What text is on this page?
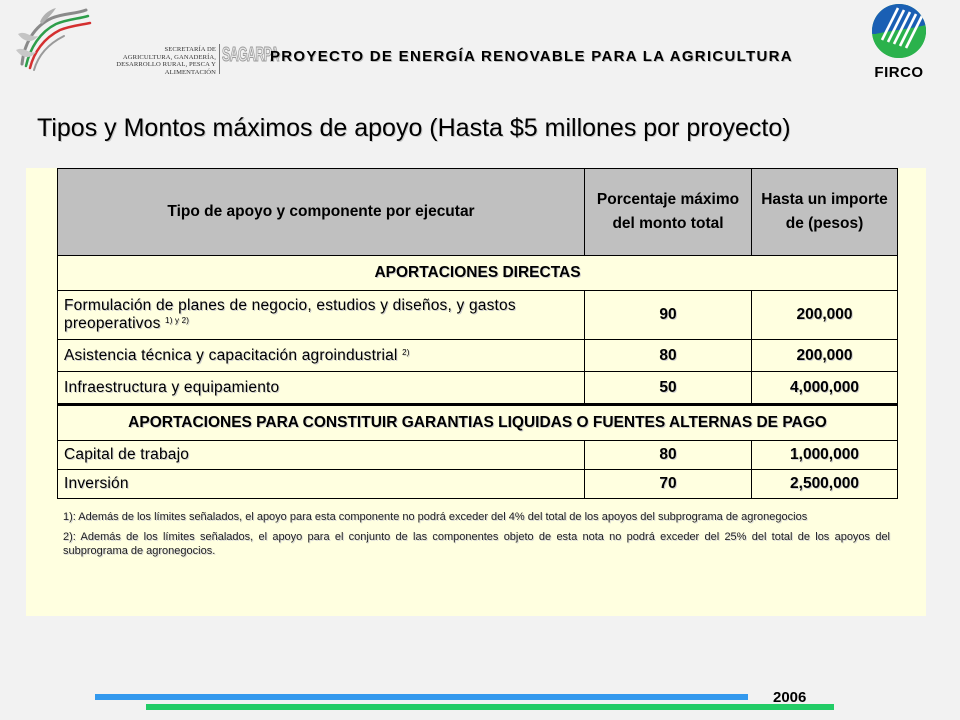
SECRETARÍA DE
AGRICULTURA, GANADERÍA,
DESARROLLO RURAL, PESCA Y ALIMENTACIÓN
SAGARPA
PROYECTO DE ENERGÍA RENOVABLE PARA LA AGRICULTURA
FIRCO
Tipos y Montos máximos de apoyo (Hasta $5 millones por proyecto)
Tipo de apoyo y componente por ejecutar	Porcentaje máximo del monto total	Hasta un importe de (pesos)
APORTACIONES DIRECTAS		
Formulación de planes de negocio, estudios y diseños, y gastos preoperativos $^{1) y 2)}$	90	200,000
Asistencia técnica y capacitación agroindustrial $^{2)}$	80	200,000
Infraestructura y equipamiento	50	4,000,000
APORTACIONES PARA CONSTITUIR GARANTIAS LIQUIDAS O FUENTES ALTERNAS DE PAGO		
Capital de trabajo	80	1,000,000
Inversión	70	2,500,000

1): Además de los límites señalados, el apoyo para esta componente no podrá exceder del 4% del total de los apoyos del subprograma de agronegocios

2): Además de los límites señalados, el apoyo para el conjunto de las componentes objeto de esta nota no podrá exceder del 25% del total de los apoyos del subprograma de agronegocios.

2006
